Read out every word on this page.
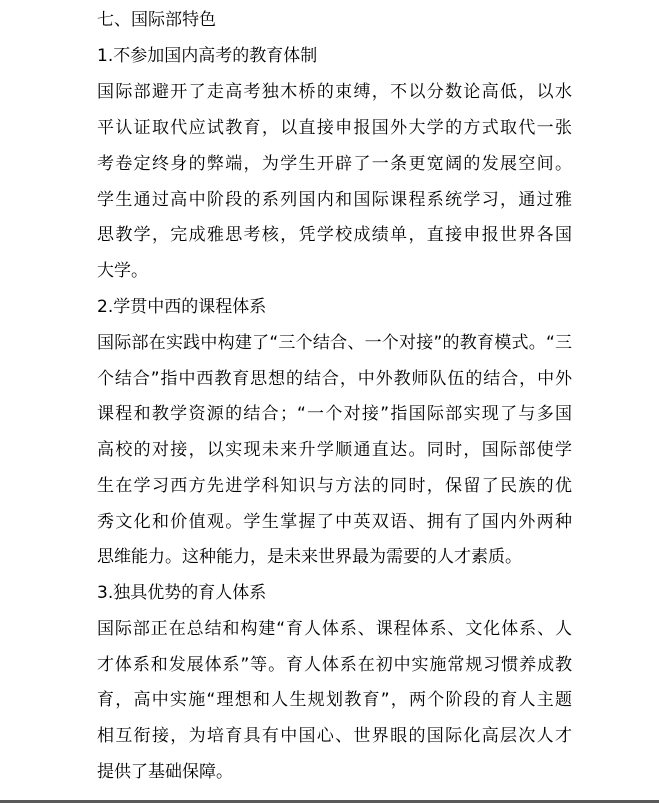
七、国际部特色
1.不参加国内高考的教育体制
国际部避开了走高考独木桥的束缚，不以分数论高低，以水
平认证取代应试教育，以直接申报国外大学的方式取代一张
考卷定终身的弊端，为学生开辟了一条更宽阔的发展空间。
学生通过高中阶段的系列国内和国际课程系统学习，通过雅
思教学，完成雅思考核，凭学校成绩单，直接申报世界各国
大学。
2.学贯中西的课程体系
国际部在实践中构建了“三个结合、一个对接”的教育模式。“三
个结合”指中西教育思想的结合，中外教师队伍的结合，中外
课程和教学资源的结合；“一个对接”指国际部实现了与多国
高校的对接，以实现未来升学顺通直达。同时，国际部使学
生在学习西方先进学科知识与方法的同时，保留了民族的优
秀文化和价值观。学生掌握了中英双语、拥有了国内外两种
思维能力。这种能力，是未来世界最为需要的人才素质。
3.独具优势的育人体系
国际部正在总结和构建“育人体系、课程体系、文化体系、人
才体系和发展体系”等。育人体系在初中实施常规习惯养成教
育，高中实施“理想和人生规划教育”，两个阶段的育人主题
相互衔接，为培育具有中国心、世界眼的国际化高层次人才
提供了基础保障。
